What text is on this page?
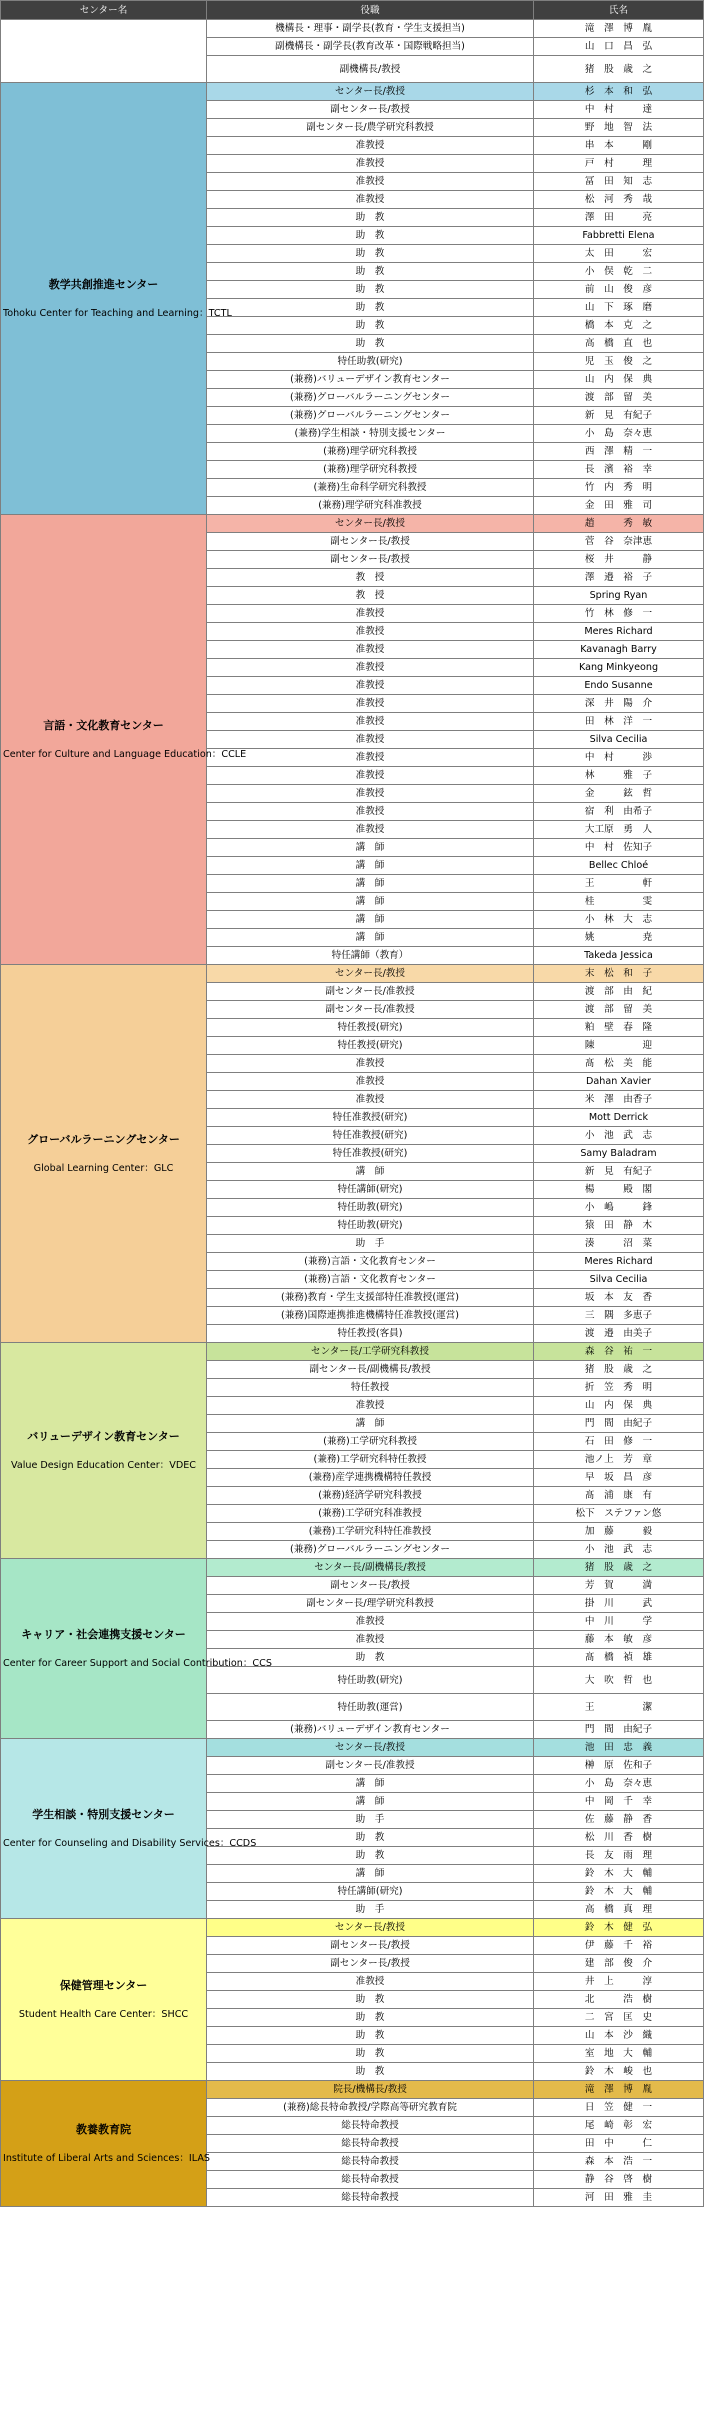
センター名	役職	氏名

	機構長・理事・副学長(教育・学生支援担当)	滝　澤　博　胤
	副機構長・副学長(教育改革・国際戦略担当)	山　口　昌　弘
	副機構長/教授	猪　股　歳　之

教学共創推進センター
Tohoku Center for Teaching and Learning：TCTL	センター長/教授	杉　本　和　弘
	副センター長/教授	中　村　　　達
	副センター長/農学研究科教授	野　地　智　法
	准教授	串　本　　　剛
	准教授	戸　村　　　理
	准教授	冨　田　知　志
	准教授	松　河　秀　哉
	助　教	澤　田　　　亮
	助　教	Fabbretti Elena
	助　教	太　田　　　宏
	助　教	小　俣　乾　二
	助　教	前　山　俊　彦
	助　教	山　下　琢　磨
	助　教	橋　本　克　之
	助　教	高　橋　直　也
	特任助教(研究)	児　玉　俊　之
	(兼務)バリューデザイン教育センター	山　内　保　典
	(兼務)グローバルラーニングセンター	渡　部　留　美
	(兼務)グローバルラーニングセンター	新　見　有紀子
	(兼務)学生相談・特別支援センター	小　島　奈々恵
	(兼務)理学研究科教授	西　澤　精　一
	(兼務)理学研究科教授	長　濱　裕　幸
	(兼務)生命科学研究科教授	竹　内　秀　明
	(兼務)理学研究科准教授	金　田　雅　司

言語・文化教育センター
Center for Culture and Language Education：CCLE	センター長/教授	趙　　　秀　敏
	副センター長/教授	菅　谷　奈津恵
	副センター長/教授	桜　井　　　静
	教　授	澤　邉　裕　子
	教　授	Spring Ryan
	准教授	竹　林　修　一
	准教授	Meres Richard
	准教授	Kavanagh Barry
	准教授	Kang Minkyeong
	准教授	Endo Susanne
	准教授	深　井　陽　介
	准教授	田　林　洋　一
	准教授	Silva Cecilia
	准教授	中　村　　　渉
	准教授	林　　　雅　子
	准教授	金　　　鉉　哲
	准教授	宿　利　由希子
	准教授	大工原　勇　人
	講　師	中　村　佐知子
	講　師	Bellec Chloé
	講　師	王　　　　　軒
	講　師	桂　　　　　雯
	講　師	小　林　大　志
	講　師	姚　　　　　尭
	特任講師（教育）	Takeda Jessica

グローバルラーニングセンター
Global Learning Center：GLC	センター長/教授	末　松　和　子
	副センター長/准教授	渡　部　由　紀
	副センター長/准教授	渡　部　留　美
	特任教授(研究)	粕　壁　春　隆
	特任教授(研究)	陳　　　　　迎
	准教授	髙　松　美　能
	准教授	Dahan Xavier
	准教授	米　澤　由香子
	特任准教授(研究)	Mott Derrick
	特任准教授(研究)	小　池　武　志
	特任准教授(研究)	Samy Baladram
	講　師	新　見　有紀子
	特任講師(研究)	楊　　　殿　閣
	特任助教(研究)	小　嶋　　　鋒
	特任助教(研究)	猿　田　静　木
	助　手	湊　　　沼　菜
	(兼務)言語・文化教育センター	Meres Richard
	(兼務)言語・文化教育センター	Silva Cecilia
	(兼務)教育・学生支援部特任准教授(運営)	坂　本　友　香
	(兼務)国際連携推進機構特任准教授(運営)	三　隅　多恵子
	特任教授(客員)	渡　邉　由美子

バリューデザイン教育センター
Value Design Education Center：VDEC	センター長/工学研究科教授	森　谷　祐　一
	副センター長/副機構長/教授	猪　股　歳　之
	特任教授	折　笠　秀　明
	准教授	山　内　保　典
	講　師	門　間　由紀子
	(兼務)工学研究科教授	石　田　修　一
	(兼務)工学研究科特任教授	池ノ上　芳　章
	(兼務)産学連携機構特任教授	早　坂　昌　彦
	(兼務)経済学研究科教授	髙　浦　康　有
	(兼務)工学研究科准教授	松下　ステファン悠
	(兼務)工学研究科特任准教授	加　藤　　　毅
	(兼務)グローバルラーニングセンター	小　池　武　志

キャリア・社会連携支援センター
Center for Career Support and Social Contribution：CCS	センター長/副機構長/教授	猪　股　歳　之
	副センター長/教授	芳　賀　　　満
	副センター長/理学研究科教授	掛　川　　　武
	准教授	中　川　　　学
	准教授	藤　本　敏　彦
	助　教	髙　橋　禎　雄
	特任助教(研究)	大　吹　哲　也
	特任助教(運営)	王　　　　　潔
	(兼務)バリューデザイン教育センター	門　間　由紀子

学生相談・特別支援センター
Center for Counseling and Disability Services：CCDS	センター長/教授	池　田　忠　義
	副センター長/准教授	榊　原　佐和子
	講　師	小　島　奈々恵
	講　師	中　岡　千　幸
	助　手	佐　藤　静　香
	助　教	松　川　香　樹
	助　教	長　友　雨　理
	講　師	鈴　木　大　輔
	特任講師(研究)	鈴　木　大　輔
	助　手	高　橋　真　理

保健管理センター
Student Health Care Center：SHCC	センター長/教授	鈴　木　健　弘
	副センター長/教授	伊　藤　千　裕
	副センター長/教授	建　部　俊　介
	准教授	井　上　　　淳
	助　教	北　　　浩　樹
	助　教	二　宮　匡　史
	助　教	山　本　沙　織
	助　教	室　地　大　輔
	助　教	鈴　木　峻　也

教養教育院
Institute of Liberal Arts and Sciences：ILAS	院長/機構長/教授	滝　澤　博　胤
	(兼務)総長特命教授/学際高等研究教育院	日　笠　健　一
	総長特命教授	尾　崎　彰　宏
	総長特命教授	田　中　　　仁
	総長特命教授	森　本　浩　一
	総長特命教授	静　谷　啓　樹
	総長特命教授	河　田　雅　圭
